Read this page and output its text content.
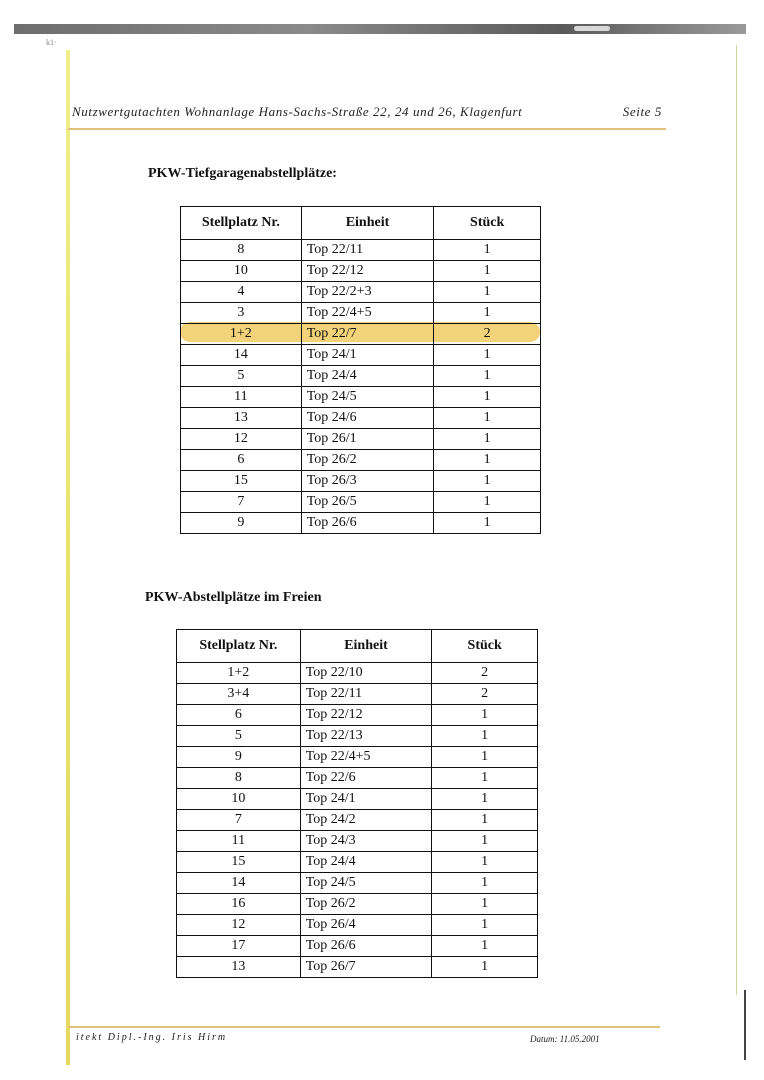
k1·
Nutzwertgutachten Wohnanlage Hans-Sachs-Straße 22, 24 und 26, Klagenfurt	Seite 5
PKW-Tiefgaragenabstellplätze:
Stellplatz Nr.	Einheit	Stück
8	Top 22/11	1
10	Top 22/12	1
4	Top 22/2+3	1
3	Top 22/4+5	1
1+2	Top 22/7	2
14	Top 24/1	1
5	Top 24/4	1
11	Top 24/5	1
13	Top 24/6	1
12	Top 26/1	1
6	Top 26/2	1
15	Top 26/3	1
7	Top 26/5	1
9	Top 26/6	1
PKW-Abstellplätze im Freien
Stellplatz Nr.	Einheit	Stück
1+2	Top 22/10	2
3+4	Top 22/11	2
6	Top 22/12	1
5	Top 22/13	1
9	Top 22/4+5	1
8	Top 22/6	1
10	Top 24/1	1
7	Top 24/2	1
11	Top 24/3	1
15	Top 24/4	1
14	Top 24/5	1
16	Top 26/2	1
12	Top 26/4	1
17	Top 26/6	1
13	Top 26/7	1
itekt Dipl.-Ing. Iris Hirm	Datum: 11.05.2001
